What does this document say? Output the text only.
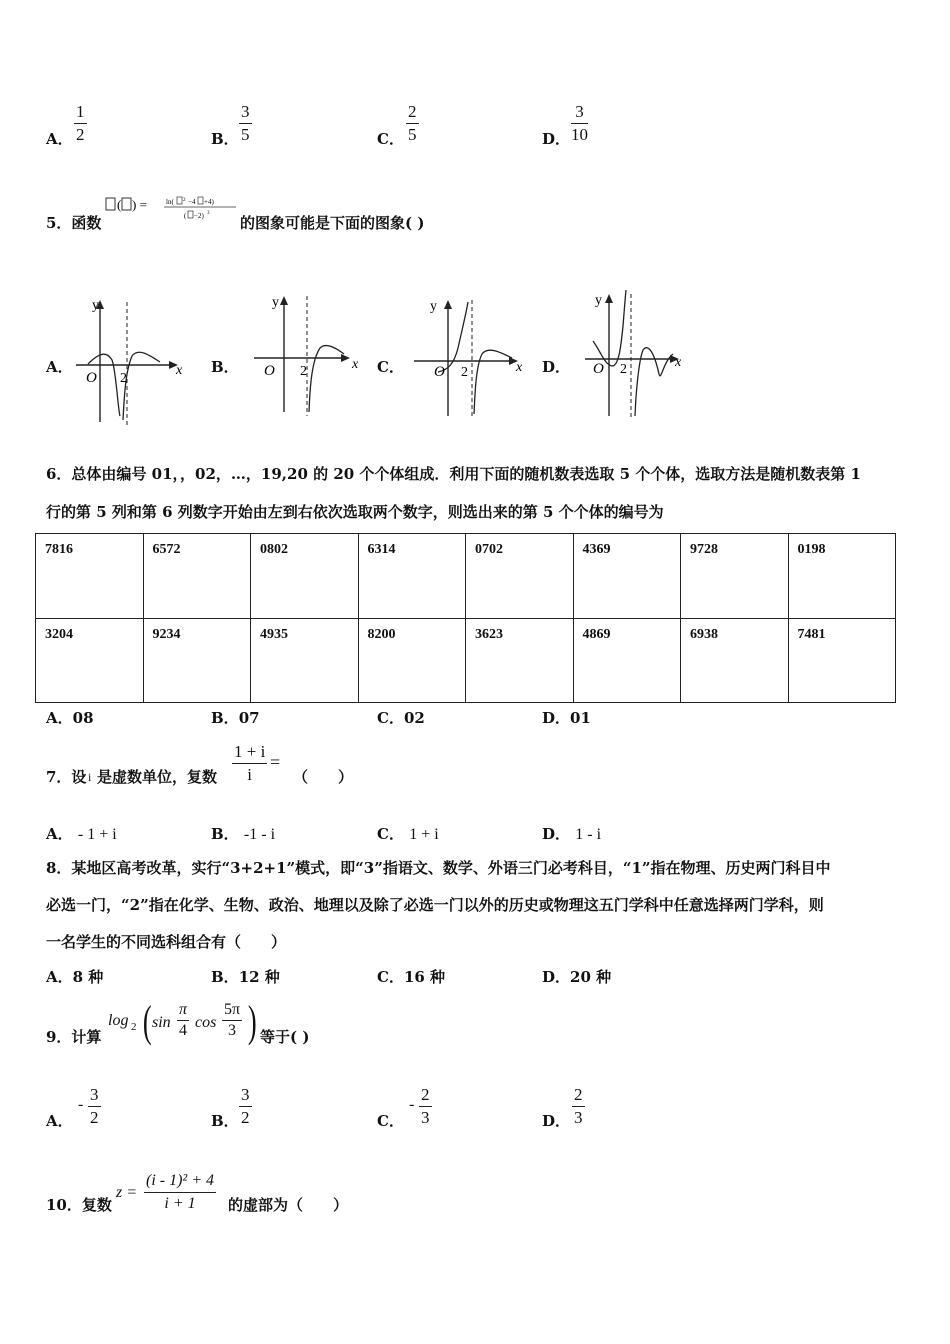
A．
1
2	B．
3
5	C．
2
5	D．
3
10
5．函数
( ) =	ln( 2 −4 +4)
( −2) 3
的图象可能是下面的图象( )
A．
y
x
O 2
B．
y
x
O 2	C．
y
x
O 2	D．
y
x
O 2
6．总体由编号 01，，02，…，19,20 的 20 个个体组成．利用下面的随机数表选取 5 个个体，选取方法是随机数表第 1
行的第 5 列和第 6 列数字开始由左到右依次选取两个数字，则选出来的第 5 个个体的编号为
7816	6572	0802	6314	0702	4369	9728	0198
3204	9234	4935	8200	3623	4869	6938	7481
A．08	B．07	C．02	D．01
7．设 i 是虚数单位，复数
1 + i
i
=
（　　）
A． - 1 + i	B． -1 - i	C． 1 + i	D． 1 - i
8．某地区高考改革，实行“3+2+1”模式，即“3”指语文、数学、外语三门必考科目，“1”指在物理、历史两门科目中
必选一门，“2”指在化学、生物、政治、地理以及除了必选一门以外的历史或物理这五门学科中任意选择两门学科，则
一名学生的不同选科组合有（　　）
A．8 种	B．12 种	C．16 种	D．20 种
9．计算
log 2 ( sin
π
4 cos
5π
3 ) 等于( )
A．
-
3
2	B．
3
2	C．
-
2
3	D．
2
3
10．复数
z =
(i - 1)² + 4
i + 1 的虚部为（　　）
